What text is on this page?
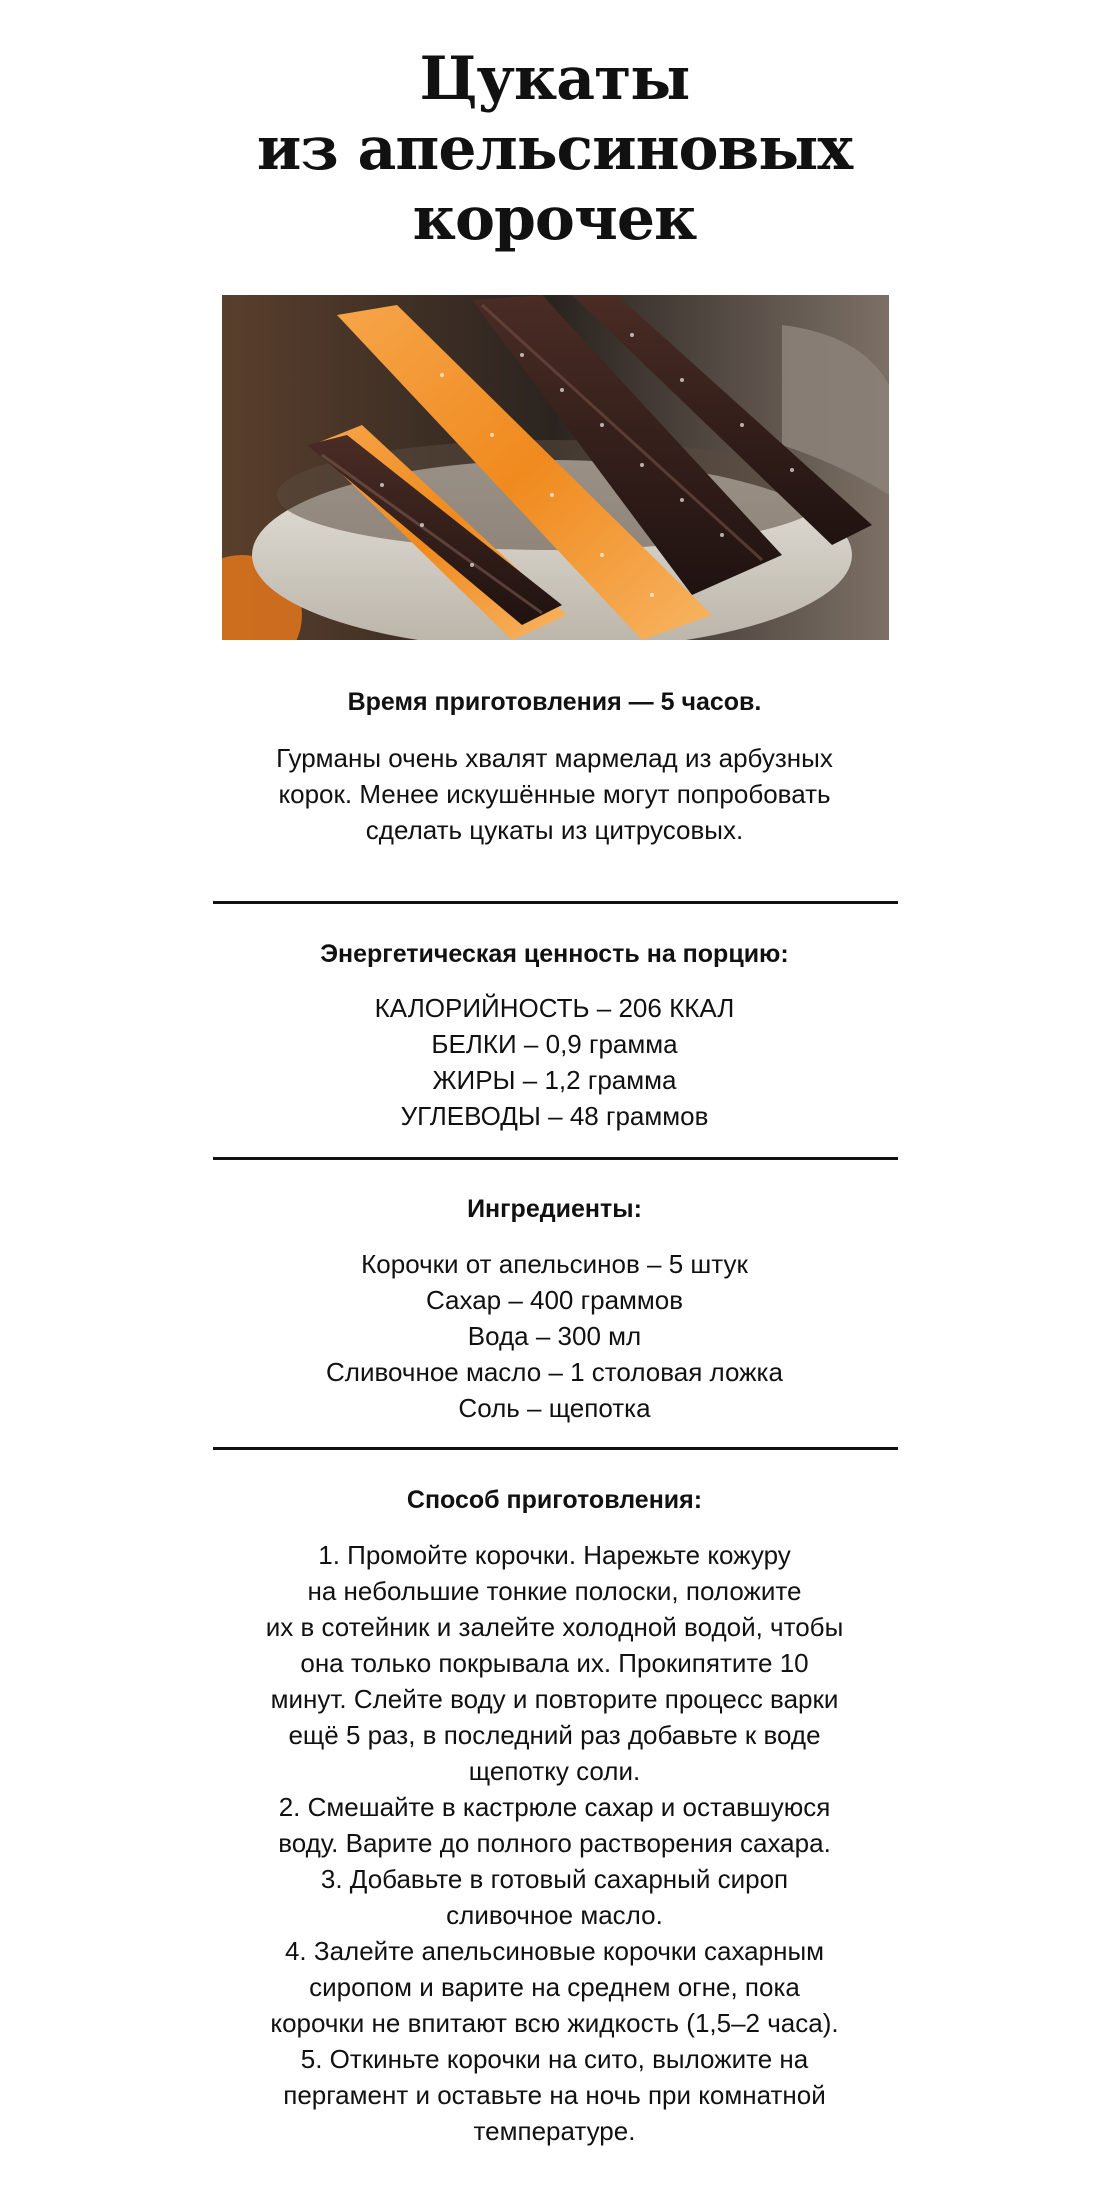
Цукаты
из апельсиновых
корочек
Время приготовления — 5 часов.
Гурманы очень хвалят мармелад из арбузных
корок. Менее искушённые могут попробовать
сделать цукаты из цитрусовых.
Энергетическая ценность на порцию:
КАЛОРИЙНОСТЬ – 206 ККАЛ
БЕЛКИ – 0,9 грамма
ЖИРЫ – 1,2 грамма
УГЛЕВОДЫ – 48 граммов
Ингредиенты:
Корочки от апельсинов – 5 штук
Сахар – 400 граммов
Вода – 300 мл
Сливочное масло – 1 столовая ложка
Соль – щепотка
Способ приготовления:
1. Промойте корочки. Нарежьте кожуру
на небольшие тонкие полоски, положите
их в сотейник и залейте холодной водой, чтобы
она только покрывала их. Прокипятите 10
минут. Слейте воду и повторите процесс варки
ещё 5 раз, в последний раз добавьте к воде
щепотку соли.
2. Смешайте в кастрюле сахар и оставшуюся
воду. Варите до полного растворения сахара.
3. Добавьте в готовый сахарный сироп
сливочное масло.
4. Залейте апельсиновые корочки сахарным
сиропом и варите на среднем огне, пока
корочки не впитают всю жидкость (1,5–2 часа).
5. Откиньте корочки на сито, выложите на
пергамент и оставьте на ночь при комнатной
температуре.
